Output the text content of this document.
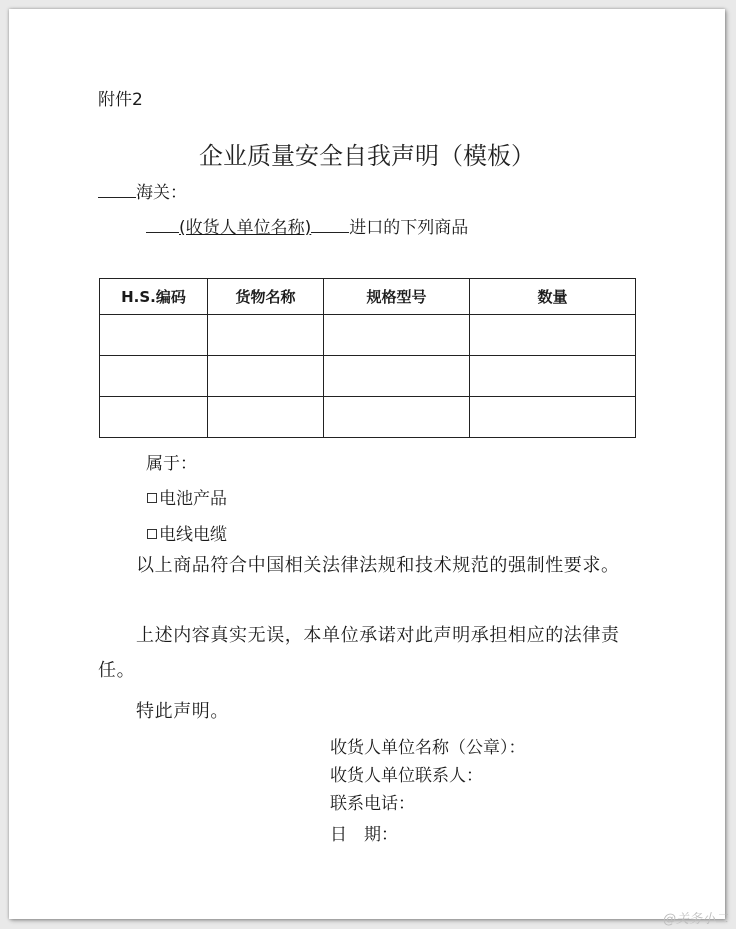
附件2
企业质量安全自我声明（模板）
海关：
(收货人单位名称) 进口的下列商品
H.S.编码	货物名称	规格型号	数量

属于：
电池产品
电线电缆
以上商品符合中国相关法律法规和技术规范的强制性要求。
上述内容真实无误，本单位承诺对此声明承担相应的法律责任。
特此声明。
收货人单位名称（公章）：
收货人单位联系人：
联系电话：
日　期：
@关务小二
